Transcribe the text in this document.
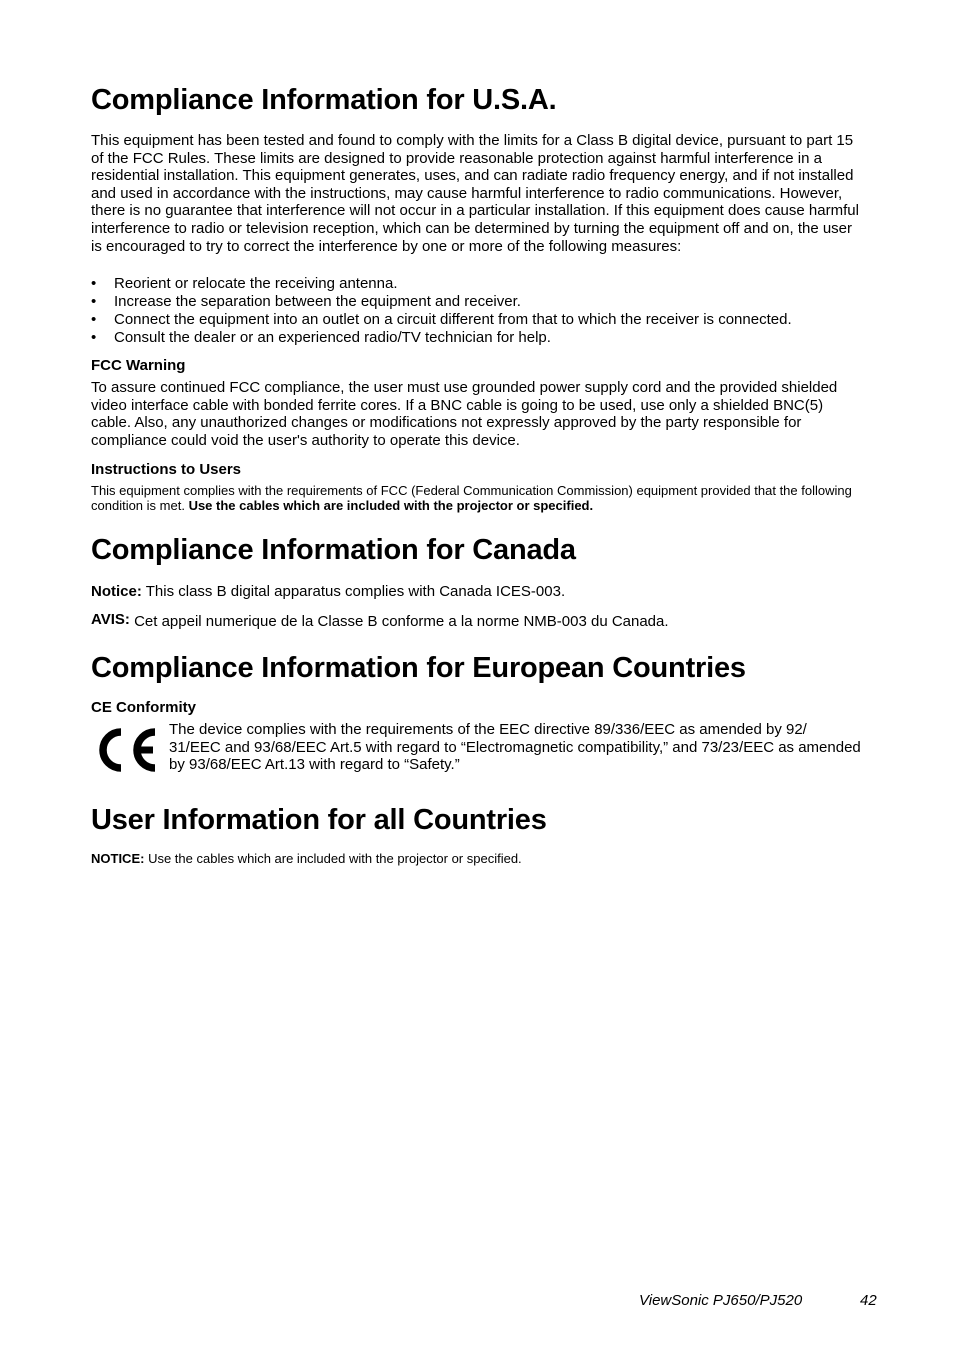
Compliance Information for U.S.A.

This equipment has been tested and found to comply with the limits for a Class B digital device, pursuant to part 15 of the FCC Rules. These limits are designed to provide reasonable protection against harmful interference in a residential installation. This equipment generates, uses, and can radiate radio frequency energy, and if not installed and used in accordance with the instructions, may cause harmful interference to radio communications. However, there is no guarantee that interference will not occur in a particular installation. If this equipment does cause harmful interference to radio or television reception, which can be determined by turning the equipment off and on, the user is encouraged to try to correct the interference by one or more of the following measures:

• Reorient or relocate the receiving antenna.
• Increase the separation between the equipment and receiver.
• Connect the equipment into an outlet on a circuit different from that to which the receiver is connected.
• Consult the dealer or an experienced radio/TV technician for help.

FCC Warning

To assure continued FCC compliance, the user must use grounded power supply cord and the provided shielded video interface cable with bonded ferrite cores. If a BNC cable is going to be used, use only a shielded BNC(5) cable. Also, any unauthorized changes or modifications not expressly approved by the party responsible for compliance could void the user's authority to operate this device.

Instructions to Users

This equipment complies with the requirements of FCC (Federal Communication Commission) equipment provided that the following condition is met. Use the cables which are included with the projector or specified.

Compliance Information for Canada

Notice: This class B digital apparatus complies with Canada ICES-003.

AVIS: Cet appeil numerique de la Classe B conforme a la norme NMB-003 du Canada.

Compliance Information for European Countries

CE Conformity

The device complies with the requirements of the EEC directive 89/336/EEC as amended by 92/ 31/EEC and 93/68/EEC Art.5 with regard to “Electromagnetic compatibility,” and 73/23/EEC as amended by 93/68/EEC Art.13 with regard to “Safety.”

User Information for all Countries

NOTICE: Use the cables which are included with the projector or specified.

ViewSonic PJ650/PJ520	42
